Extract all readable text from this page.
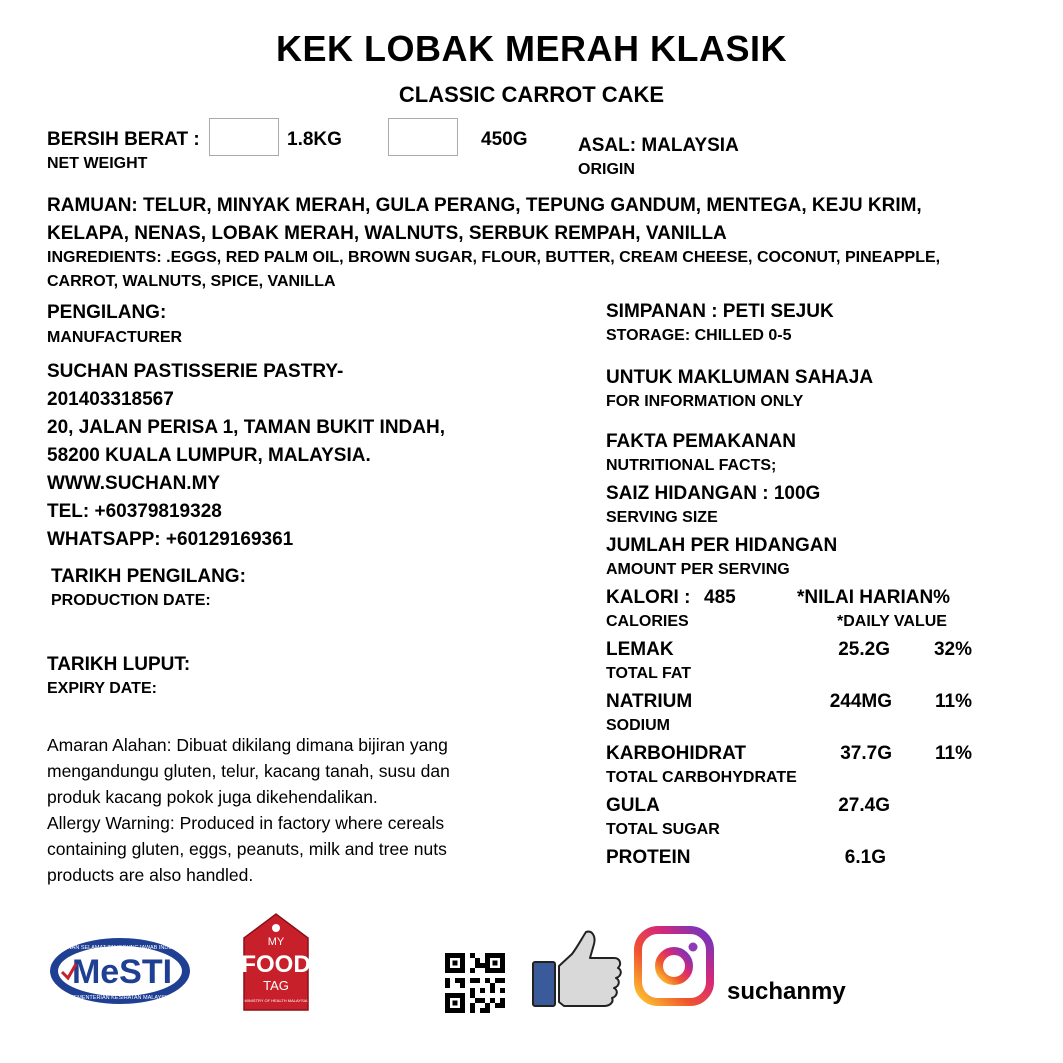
KEK LOBAK MERAH KLASIK
CLASSIC CARROT CAKE
BERSIH BERAT :
NET WEIGHT
1.8KG	450G	ASAL: MALAYSIA
ORIGIN
RAMUAN: TELUR, MINYAK MERAH, GULA PERANG, TEPUNG GANDUM, MENTEGA, KEJU KRIM,
KELAPA, NENAS, LOBAK MERAH, WALNUTS, SERBUK REMPAH, VANILLA
INGREDIENTS: .EGGS, RED PALM OIL, BROWN SUGAR, FLOUR, BUTTER, CREAM CHEESE, COCONUT, PINEAPPLE,
CARROT, WALNUTS, SPICE, VANILLA
PENGILANG:
MANUFACTURER
SUCHAN PASTISSERIE PASTRY-
201403318567
20, JALAN PERISA 1, TAMAN BUKIT INDAH,
58200 KUALA LUMPUR, MALAYSIA.
WWW.SUCHAN.MY
TEL: +60379819328
WHATSAPP: +60129169361
TARIKH PENGILANG:
PRODUCTION DATE:
TARIKH LUPUT:
EXPIRY DATE:
Amaran Alahan: Dibuat dikilang dimana bijiran yang
mengandungu gluten, telur, kacang tanah, susu dan
produk kacang pokok juga dikehendalikan.
Allergy Warning: Produced in factory where cereals
containing gluten, eggs, peanuts, milk and tree nuts
products are also handled.
SIMPANAN : PETI SEJUK
STORAGE: CHILLED 0-5
UNTUK MAKLUMAN SAHAJA
FOR INFORMATION ONLY
FAKTA PEMAKANAN
NUTRITIONAL FACTS;
SAIZ HIDANGAN : 100G
SERVING SIZE
JUMLAH PER HIDANGAN
AMOUNT PER SERVING
KALORI : 485	*NILAI HARIAN%
CALORIES	*DAILY VALUE
LEMAK	25.2G	32%
TOTAL FAT
NATRIUM	244MG	11%
SODIUM
KARBOHIDRAT	37.7G	11%
TOTAL CARBOHYDRATE
GULA	27.4G
TOTAL SUGAR
PROTEIN	6.1G
JAMINAN SELAMAT TANGGUNGJAWAB INDUSTRI
MeSTI
KEMENTERIAN KESIHATAN MALAYSIA
MY
FOOD
TAG
MINISTRY OF HEALTH MALAYSIA	suchanmy
